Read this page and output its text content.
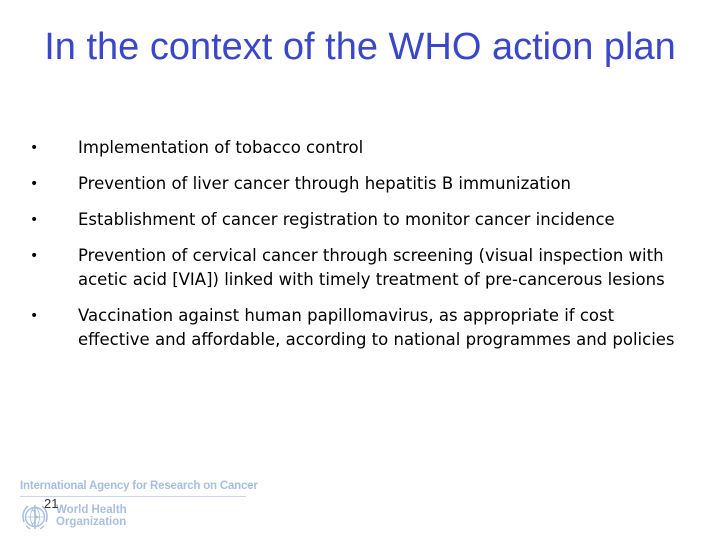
In the context of the WHO action plan
•	Implementation of tobacco control
•	Prevention of liver cancer through hepatitis B immunization
•	Establishment of cancer registration to monitor cancer incidence
•	Prevention of cervical cancer through screening (visual inspection with acetic acid [VIA]) linked with timely treatment of pre-cancerous lesions
•	Vaccination against human papillomavirus, as appropriate if cost effective and affordable, according to national programmes and policies
International Agency for Research on Cancer
World Health
Organization
21
